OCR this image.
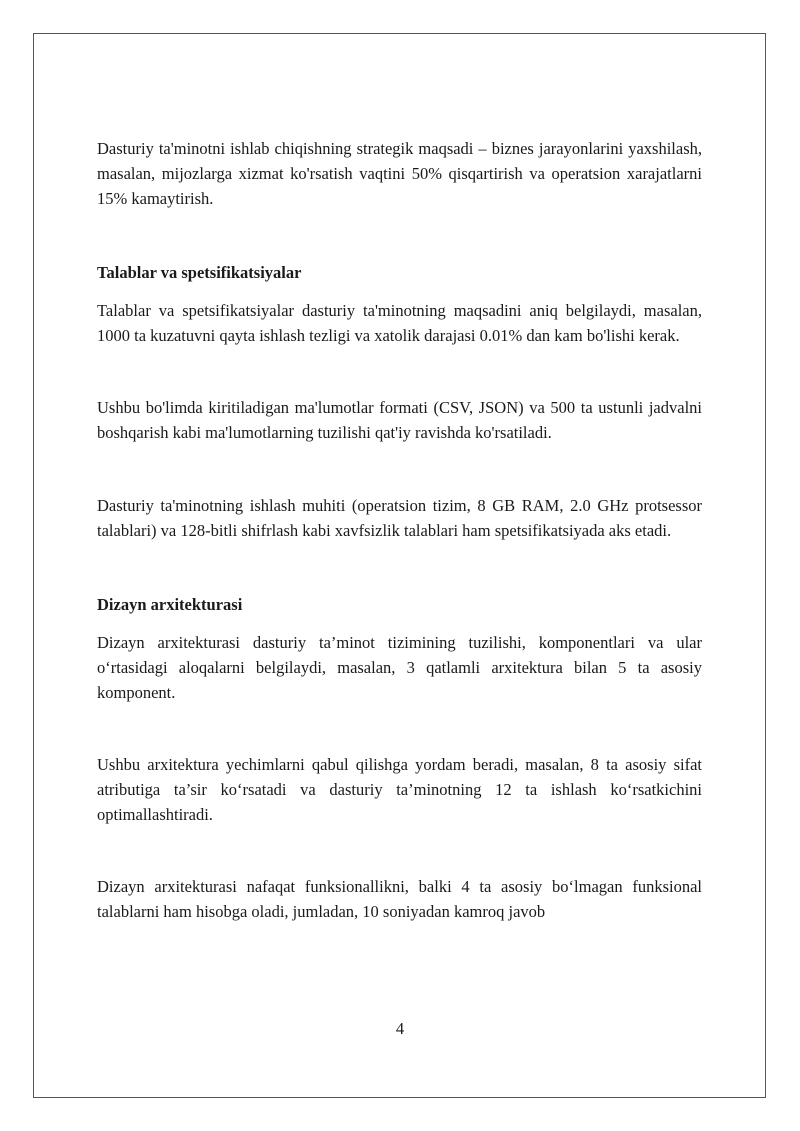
Dasturiy ta'minotni ishlab chiqishning strategik maqsadi – biznes jarayonlarini yaxshilash, masalan, mijozlarga xizmat ko'rsatish vaqtini 50% qisqartirish va operatsion xarajatlarni 15% kamaytirish.

Talablar va spetsifikatsiyalar

Talablar va spetsifikatsiyalar dasturiy ta'minotning maqsadini aniq belgilaydi, masalan, 1000 ta kuzatuvni qayta ishlash tezligi va xatolik darajasi 0.01% dan kam bo'lishi kerak.

Ushbu bo'limda kiritiladigan ma'lumotlar formati (CSV, JSON) va 500 ta ustunli jadvalni boshqarish kabi ma'lumotlarning tuzilishi qat'iy ravishda ko'rsatiladi.

Dasturiy ta'minotning ishlash muhiti (operatsion tizim, 8 GB RAM, 2.0 GHz protsessor talablari) va 128-bitli shifrlash kabi xavfsizlik talablari ham spetsifikatsiyada aks etadi.

Dizayn arxitekturasi

Dizayn arxitekturasi dasturiy ta’minot tizimining tuzilishi, komponentlari va ular o‘rtasidagi aloqalarni belgilaydi, masalan, 3 qatlamli arxitektura bilan 5 ta asosiy komponent.

Ushbu arxitektura yechimlarni qabul qilishga yordam beradi, masalan, 8 ta asosiy sifat atributiga ta’sir ko‘rsatadi va dasturiy ta’minotning 12 ta ishlash ko‘rsatkichini optimallashtiradi.

Dizayn arxitekturasi nafaqat funksionallikni, balki 4 ta asosiy bo‘lmagan funksional talablarni ham hisobga oladi, jumladan, 10 soniyadan kamroq javob

4
